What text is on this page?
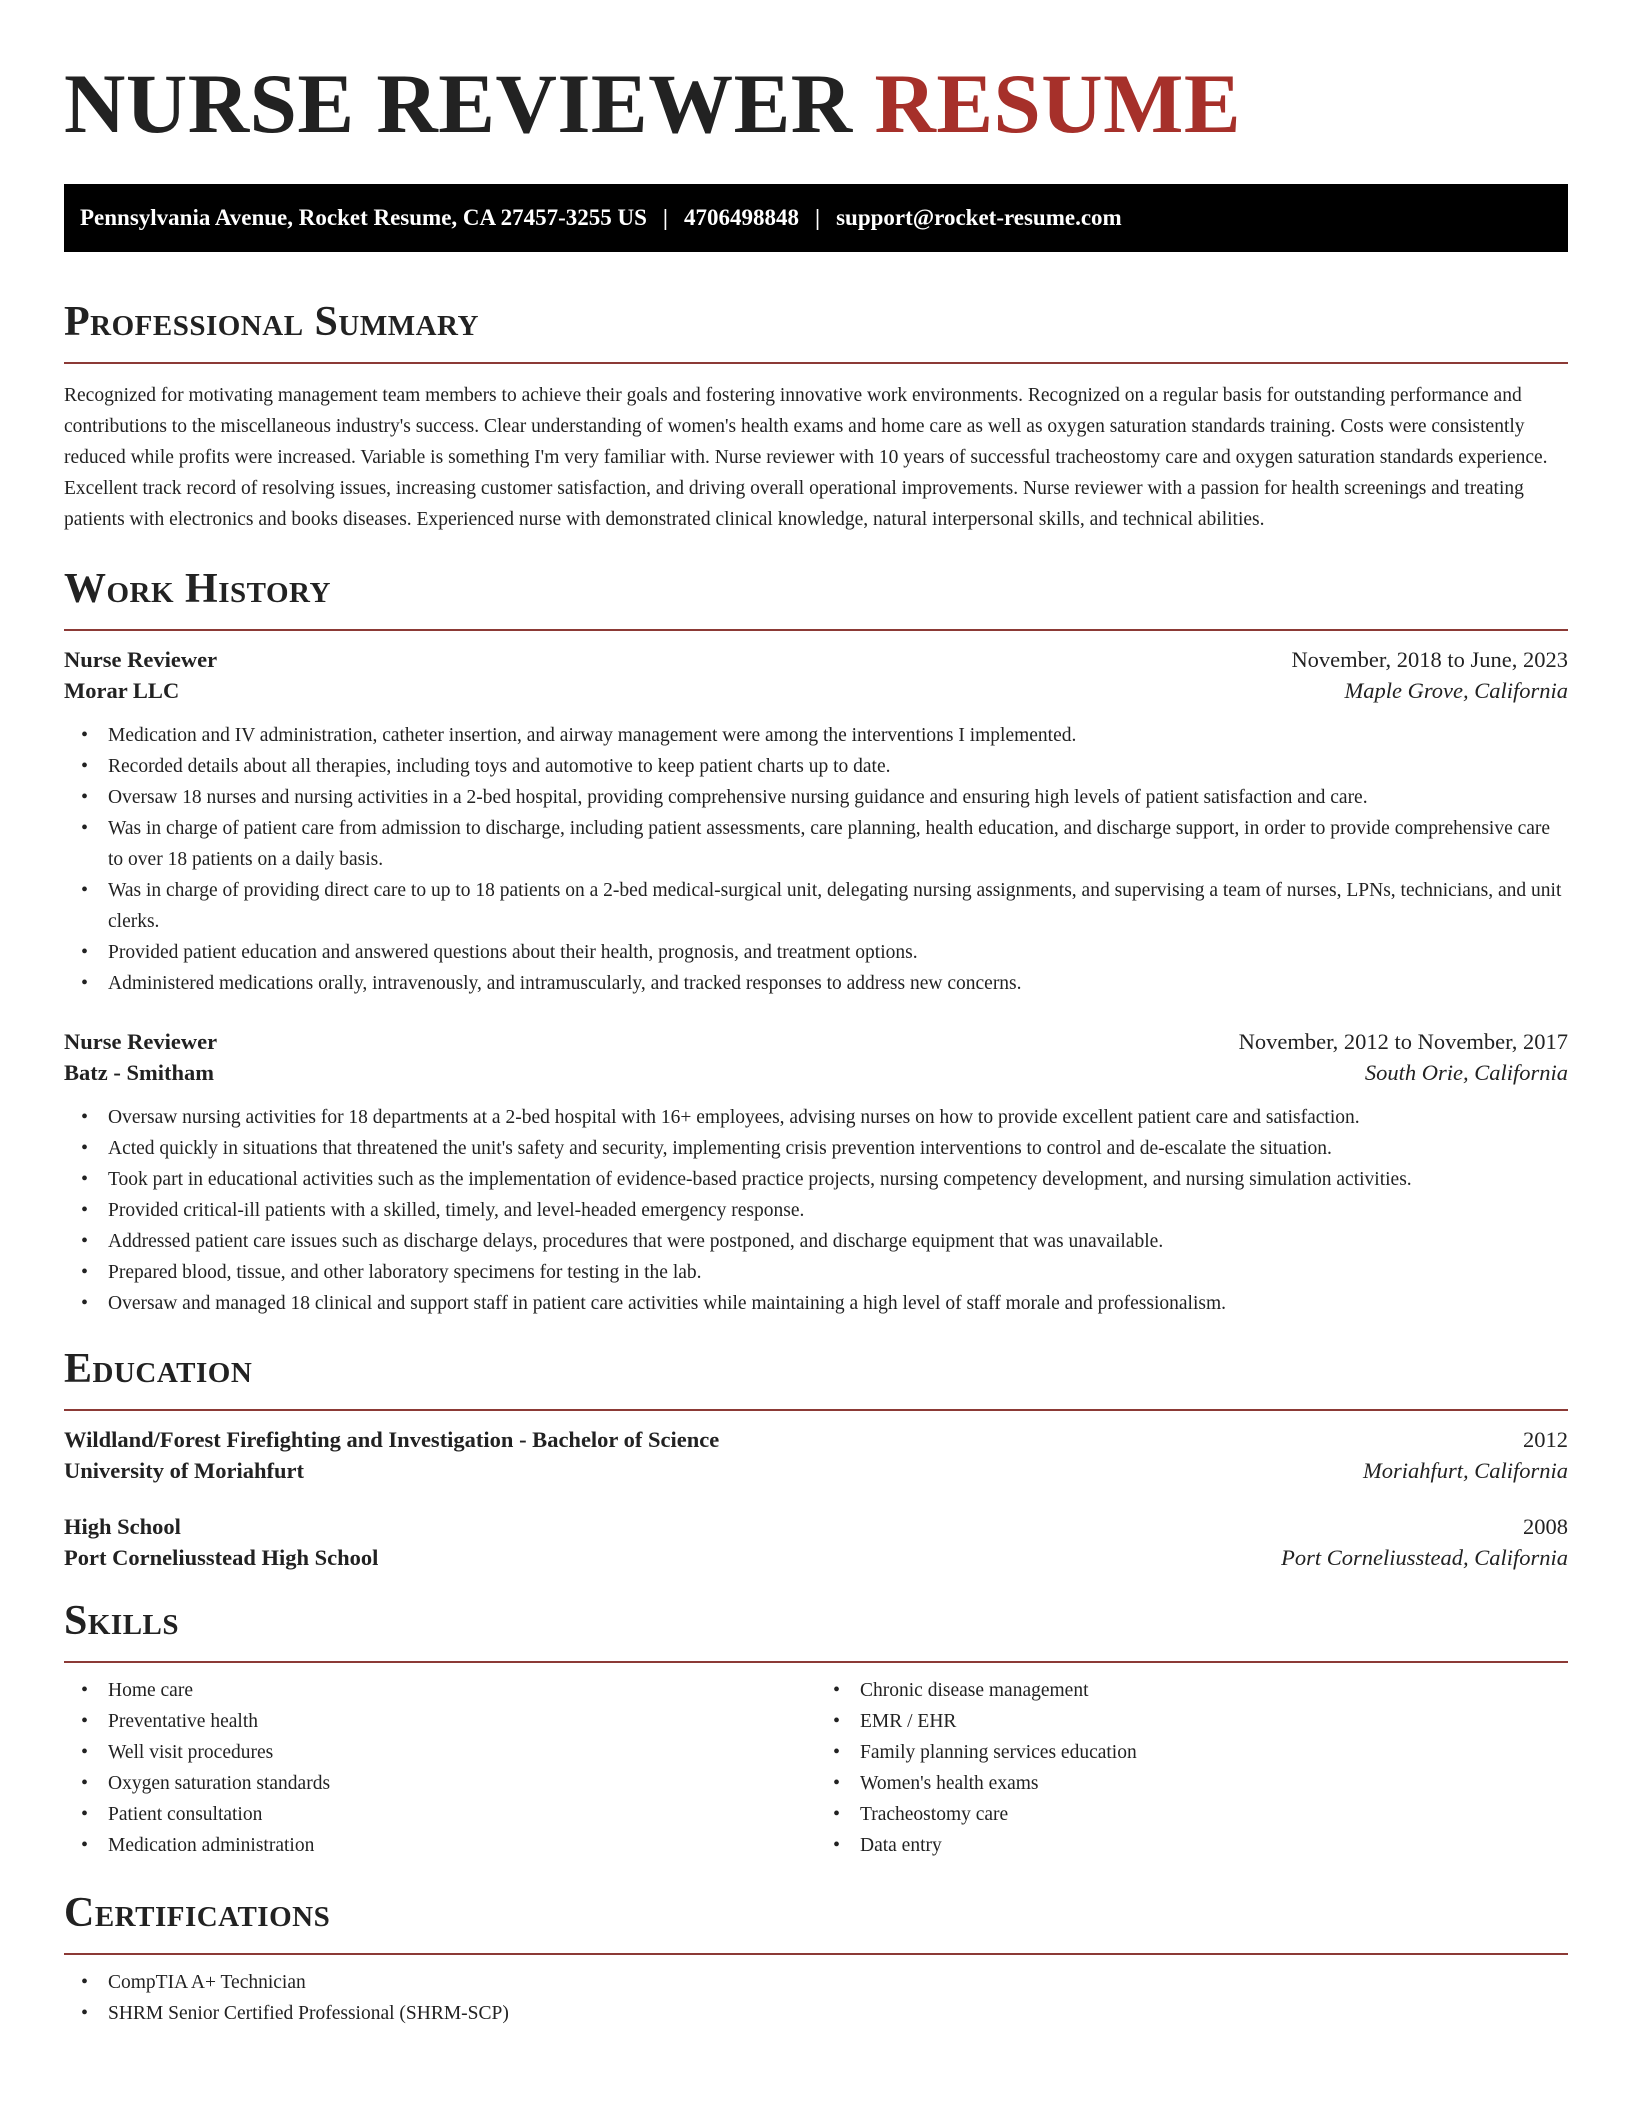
NURSE REVIEWER RESUME
Pennsylvania Avenue, Rocket Resume, CA 27457-3255 US | 4706498848 | support@rocket-resume.com
Professional Summary
Recognized for motivating management team members to achieve their goals and fostering innovative work environments. Recognized on a regular basis for outstanding performance and contributions to the miscellaneous industry's success. Clear understanding of women's health exams and home care as well as oxygen saturation standards training. Costs were consistently reduced while profits were increased. Variable is something I'm very familiar with. Nurse reviewer with 10 years of successful tracheostomy care and oxygen saturation standards experience. Excellent track record of resolving issues, increasing customer satisfaction, and driving overall operational improvements. Nurse reviewer with a passion for health screenings and treating patients with electronics and books diseases. Experienced nurse with demonstrated clinical knowledge, natural interpersonal skills, and technical abilities.
Work History
Nurse Reviewer	November, 2018 to June, 2023
Morar LLC	Maple Grove, California
• Medication and IV administration, catheter insertion, and airway management were among the interventions I implemented.
• Recorded details about all therapies, including toys and automotive to keep patient charts up to date.
• Oversaw 18 nurses and nursing activities in a 2-bed hospital, providing comprehensive nursing guidance and ensuring high levels of patient satisfaction and care.
• Was in charge of patient care from admission to discharge, including patient assessments, care planning, health education, and discharge support, in order to provide comprehensive care to over 18 patients on a daily basis.
• Was in charge of providing direct care to up to 18 patients on a 2-bed medical-surgical unit, delegating nursing assignments, and supervising a team of nurses, LPNs, technicians, and unit clerks.
• Provided patient education and answered questions about their health, prognosis, and treatment options.
• Administered medications orally, intravenously, and intramuscularly, and tracked responses to address new concerns.
Nurse Reviewer	November, 2012 to November, 2017
Batz - Smitham	South Orie, California
• Oversaw nursing activities for 18 departments at a 2-bed hospital with 16+ employees, advising nurses on how to provide excellent patient care and satisfaction.
• Acted quickly in situations that threatened the unit's safety and security, implementing crisis prevention interventions to control and de-escalate the situation.
• Took part in educational activities such as the implementation of evidence-based practice projects, nursing competency development, and nursing simulation activities.
• Provided critical-ill patients with a skilled, timely, and level-headed emergency response.
• Addressed patient care issues such as discharge delays, procedures that were postponed, and discharge equipment that was unavailable.
• Prepared blood, tissue, and other laboratory specimens for testing in the lab.
• Oversaw and managed 18 clinical and support staff in patient care activities while maintaining a high level of staff morale and professionalism.
Education
Wildland/Forest Firefighting and Investigation - Bachelor of Science	2012
University of Moriahfurt	Moriahfurt, California
High School	2008
Port Corneliusstead High School	Port Corneliusstead, California
Skills
• Home care
• Preventative health
• Well visit procedures
• Oxygen saturation standards
• Patient consultation
• Medication administration
• Chronic disease management
• EMR / EHR
• Family planning services education
• Women's health exams
• Tracheostomy care
• Data entry
Certifications
• CompTIA A+ Technician
• SHRM Senior Certified Professional (SHRM-SCP)
